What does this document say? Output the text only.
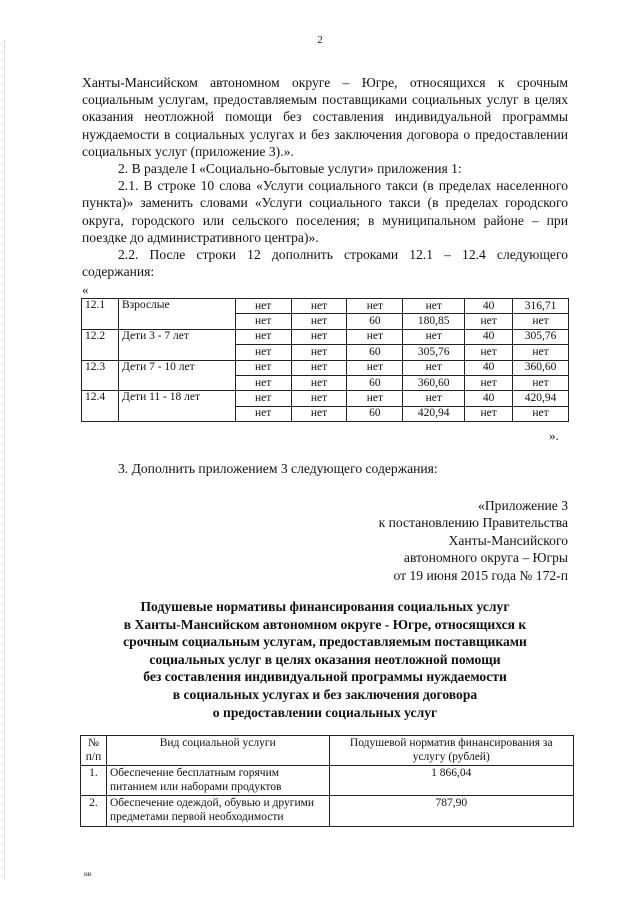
2

Ханты-Мансийском автономном округе – Югре, относящихся к срочным социальным услугам, предоставляемым поставщиками социальных услуг в целях оказания неотложной помощи без составления индивидуальной программы нуждаемости в социальных услугах и без заключения договора о предоставлении социальных услуг (приложение 3).».

2. В разделе I «Социально-бытовые услуги» приложения 1:

2.1. В строке 10 слова «Услуги социального такси (в пределах населенного пункта)» заменить словами «Услуги социального такси (в пределах городского округа, городского или сельского поселения; в муниципальном районе – при поездке до административного центра)».

2.2. После строки 12 дополнить строками 12.1 – 12.4 следующего содержания:

«
12.1	Взрослые	нет	нет	нет	нет	40	316,71
		нет	нет	60	180,85	нет	нет
12.2	Дети 3 - 7 лет	нет	нет	нет	нет	40	305,76
		нет	нет	60	305,76	нет	нет
12.3	Дети 7 - 10 лет	нет	нет	нет	нет	40	360,60
		нет	нет	60	360,60	нет	нет
12.4	Дети 11 - 18 лет	нет	нет	нет	нет	40	420,94
		нет	нет	60	420,94	нет	нет
».

3. Дополнить приложением 3 следующего содержания:

«Приложение 3
к постановлению Правительства
Ханты-Мансийского
автономного округа – Югры
от 19 июня 2015 года № 172-п
Подушевые нормативы финансирования социальных услуг
в Ханты-Мансийском автономном округе - Югре, относящихся к
срочным социальным услугам, предоставляемым поставщиками
социальных услуг в целях оказания неотложной помощи
без составления индивидуальной программы нуждаемости
в социальных услугах и без заключения договора
о предоставлении социальных услуг
№ п/п	Вид социальной услуги	Подушевой норматив финансирования за услугу (рублей)
1.	Обеспечение бесплатным горячим питанием или наборами продуктов	1 866,04
2.	Обеспечение одеждой, обувью и другими предметами первой необходимости	787,90
нв
